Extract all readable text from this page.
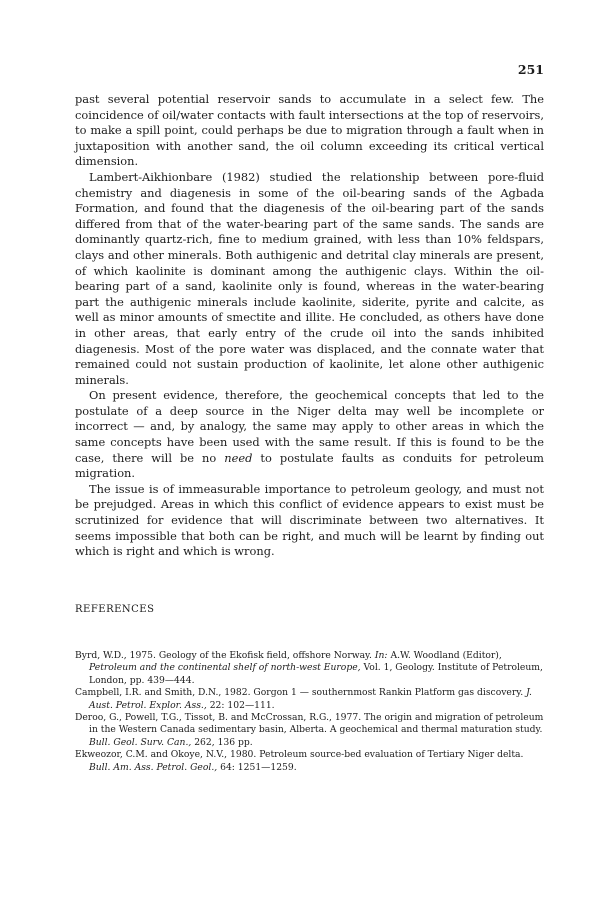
251

past several potential reservoir sands to accumulate in a select few. The coincidence of oil/water contacts with fault intersections at the top of reservoirs, to make a spill point, could perhaps be due to migration through a fault when in juxtaposition with another sand, the oil column exceeding its critical vertical dimension.

Lambert-Aikhionbare (1982) studied the relationship between pore-fluid chemistry and diagenesis in some of the oil-bearing sands of the Agbada Formation, and found that the diagenesis of the oil-bearing part of the sands differed from that of the water-bearing part of the same sands. The sands are dominantly quartz-rich, fine to medium grained, with less than 10% feldspars, clays and other minerals. Both authigenic and detrital clay minerals are present, of which kaolinite is dominant among the authigenic clays. Within the oil-bearing part of a sand, kaolinite only is found, whereas in the water-bearing part the authigenic minerals include kaolinite, siderite, pyrite and calcite, as well as minor amounts of smectite and illite. He concluded, as others have done in other areas, that early entry of the crude oil into the sands inhibited diagenesis. Most of the pore water was displaced, and the connate water that remained could not sustain production of kaolinite, let alone other authigenic minerals.

On present evidence, therefore, the geochemical concepts that led to the postulate of a deep source in the Niger delta may well be incomplete or incorrect — and, by analogy, the same may apply to other areas in which the same concepts have been used with the same result. If this is found to be the case, there will be no need to postulate faults as conduits for petroleum migration.

The issue is of immeasurable importance to petroleum geology, and must not be prejudged. Areas in which this conflict of evidence appears to exist must be scrutinized for evidence that will discriminate between two alternatives. It seems impossible that both can be right, and much will be learnt by finding out which is right and which is wrong.

REFERENCES

Byrd, W.D., 1975. Geology of the Ekofisk field, offshore Norway. In: A.W. Woodland (Editor), Petroleum and the continental shelf of north-west Europe, Vol. 1, Geology. Institute of Petroleum, London, pp. 439—444.

Campbell, I.R. and Smith, D.N., 1982. Gorgon 1 — southernmost Rankin Platform gas discovery. J. Aust. Petrol. Explor. Ass., 22: 102—111.

Deroo, G., Powell, T.G., Tissot, B. and McCrossan, R.G., 1977. The origin and migration of petroleum in the Western Canada sedimentary basin, Alberta. A geochemical and thermal maturation study. Bull. Geol. Surv. Can., 262, 136 pp.

Ekweozor, C.M. and Okoye, N.V., 1980. Petroleum source-bed evaluation of Tertiary Niger delta. Bull. Am. Ass. Petrol. Geol., 64: 1251—1259.
